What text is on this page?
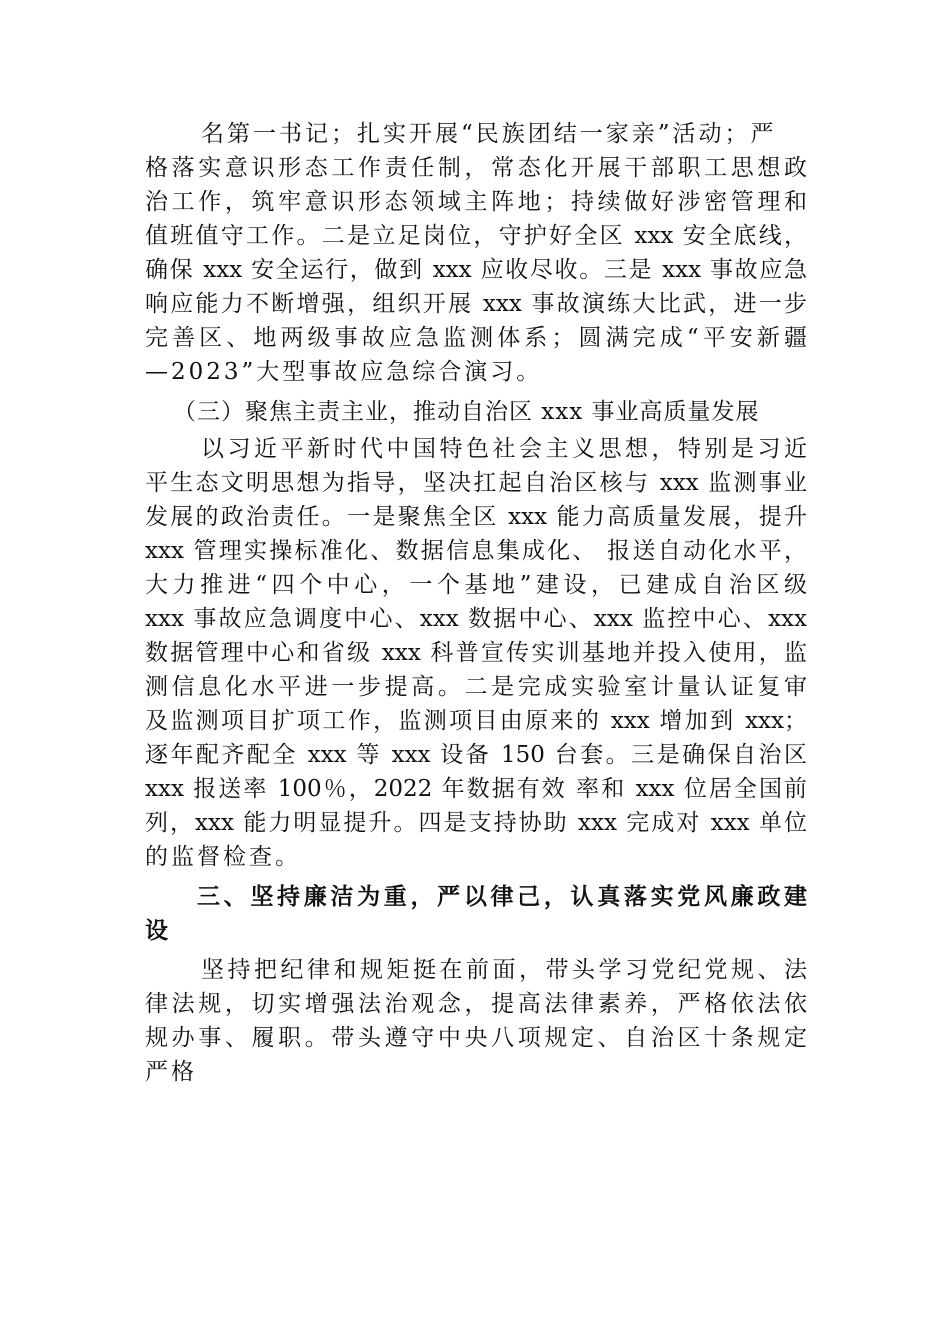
名第一书记；扎实开展“民族团结一家亲”活动；严
格落实意识形态工作责任制，常态化开展干部职工思想政
治工作，筑牢意识形态领域主阵地；持续做好涉密管理和
值班值守工作。二是立足岗位，守护好全区 xxx 安全底线，
确保 xxx 安全运行，做到 xxx 应收尽收。三是 xxx 事故应急
响应能力不断增强，组织开展 xxx 事故演练大比武，进一步
完善区、地两级事故应急监测体系；圆满完成“平安新疆
—2023”大型事故应急综合演习。
（三）聚焦主责主业，推动自治区 xxx 事业高质量发展
以习近平新时代中国特色社会主义思想，特别是习近
平生态文明思想为指导，坚决扛起自治区核与 xxx 监测事业
发展的政治责任。一是聚焦全区 xxx 能力高质量发展，提升
xxx 管理实操标准化、数据信息集成化、 报送自动化水平，
大力推进“四个中心，一个基地”建设，已建成自治区级
xxx 事故应急调度中心、xxx 数据中心、xxx 监控中心、xxx
数据管理中心和省级 xxx 科普宣传实训基地并投入使用，监
测信息化水平进一步提高。二是完成实验室计量认证复审
及监测项目扩项工作，监测项目由原来的 xxx 增加到 xxx；
逐年配齐配全 xxx 等 xxx 设备 150 台套。三是确保自治区
xxx 报送率 100％，2022 年数据有效 率和 xxx 位居全国前
列，xxx 能力明显提升。四是支持协助 xxx 完成对 xxx 单位
的监督检查。
三、坚持廉洁为重，严以律己，认真落实党风廉政建
设
坚持把纪律和规矩挺在前面，带头学习党纪党规、法
律法规，切实增强法治观念，提高法律素养，严格依法依
规办事、履职。带头遵守中央八项规定、自治区十条规定
严格
